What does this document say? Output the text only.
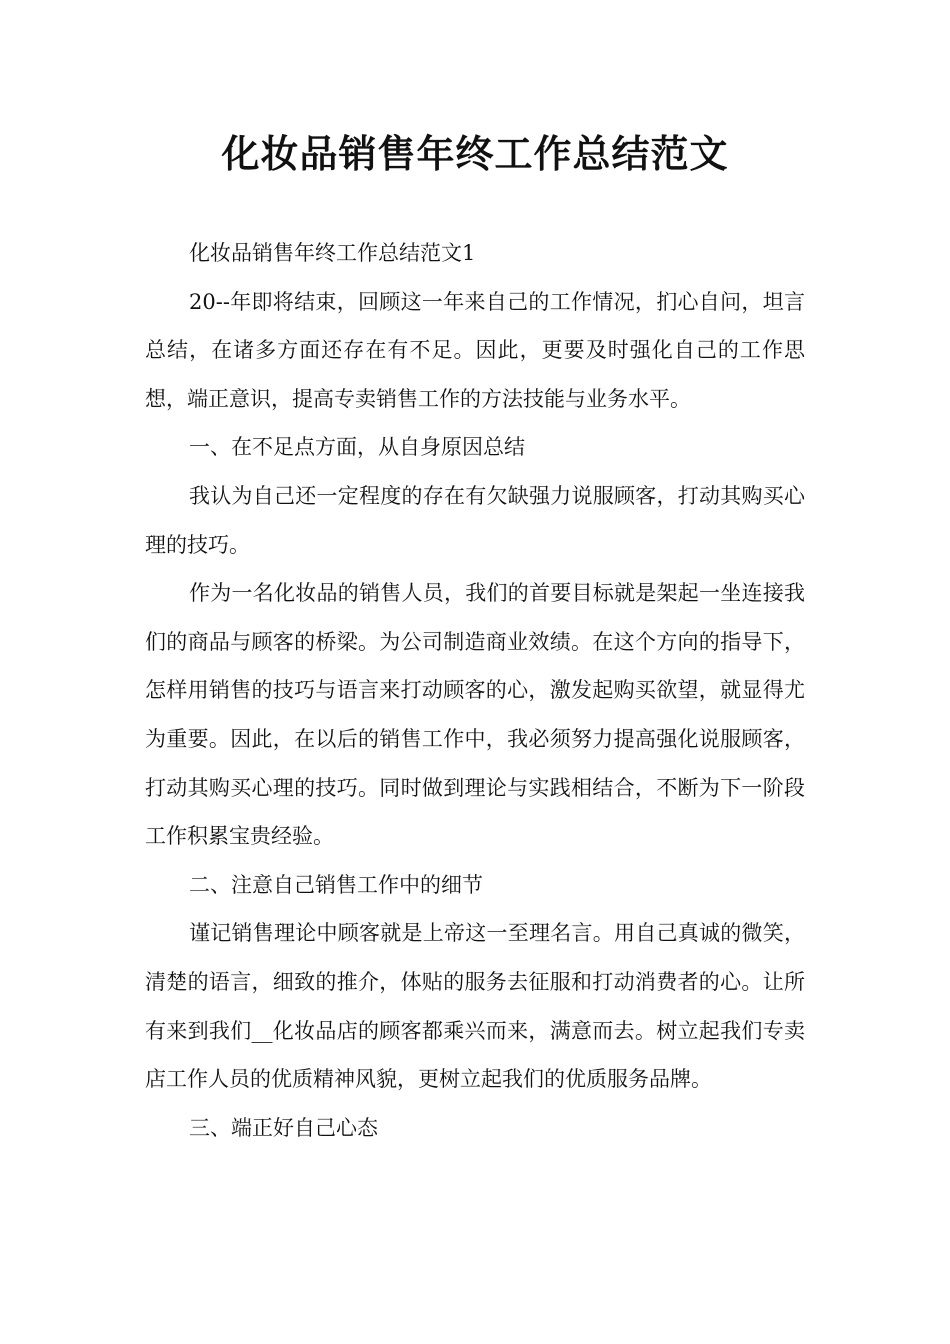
化妆品销售年终工作总结范文

化妆品销售年终工作总结范文1

20--年即将结束，回顾这一年来自己的工作情况，扪心自问，坦言总结，在诸多方面还存在有不足。因此，更要及时强化自己的工作思想，端正意识，提高专卖销售工作的方法技能与业务水平。

一、在不足点方面，从自身原因总结

我认为自己还一定程度的存在有欠缺强力说服顾客，打动其购买心理的技巧。

作为一名化妆品的销售人员，我们的首要目标就是架起一坐连接我们的商品与顾客的桥梁。为公司制造商业效绩。在这个方向的指导下，怎样用销售的技巧与语言来打动顾客的心，激发起购买欲望，就显得尤为重要。因此，在以后的销售工作中，我必须努力提高强化说服顾客，打动其购买心理的技巧。同时做到理论与实践相结合，不断为下一阶段工作积累宝贵经验。

二、注意自己销售工作中的细节

谨记销售理论中顾客就是上帝这一至理名言。用自己真诚的微笑，清楚的语言，细致的推介，体贴的服务去征服和打动消费者的心。让所有来到我们__化妆品店的顾客都乘兴而来，满意而去。树立起我们专卖店工作人员的优质精神风貌，更树立起我们的优质服务品牌。

三、端正好自己心态
